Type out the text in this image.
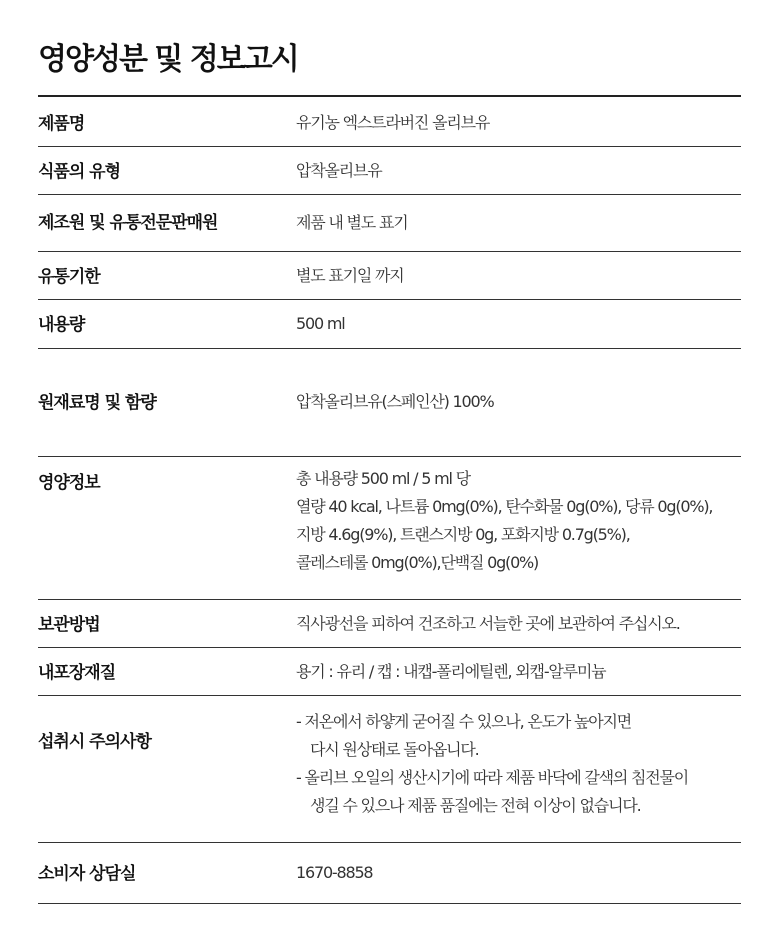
영양성분 및 정보고시
제품명	유기농 엑스트라버진 올리브유
식품의 유형	압착올리브유
제조원 및 유통전문판매원	제품 내 별도 표기
유통기한	별도 표기일 까지
내용량	500 ml
원재료명 및 함량	압착올리브유(스페인산) 100%
영양정보	총 내용량 500 ml / 5 ml 당
열량 40 kcal, 나트륨 0mg(0%), 탄수화물 0g(0%), 당류 0g(0%),
지방 4.6g(9%), 트랜스지방 0g, 포화지방 0.7g(5%),
콜레스테롤 0mg(0%),단백질 0g(0%)
보관방법	직사광선을 피하여 건조하고 서늘한 곳에 보관하여 주십시오.
내포장재질	용기 : 유리 / 캡 : 내캡-폴리에틸렌, 외캡-알루미늄
섭취시 주의사항
- 저온에서 하얗게 굳어질 수 있으나, 온도가 높아지면
다시 원상태로 돌아옵니다.
- 올리브 오일의 생산시기에 따라 제품 바닥에 갈색의 침전물이
생길 수 있으나 제품 품질에는 전혀 이상이 없습니다.
소비자 상담실	1670-8858
